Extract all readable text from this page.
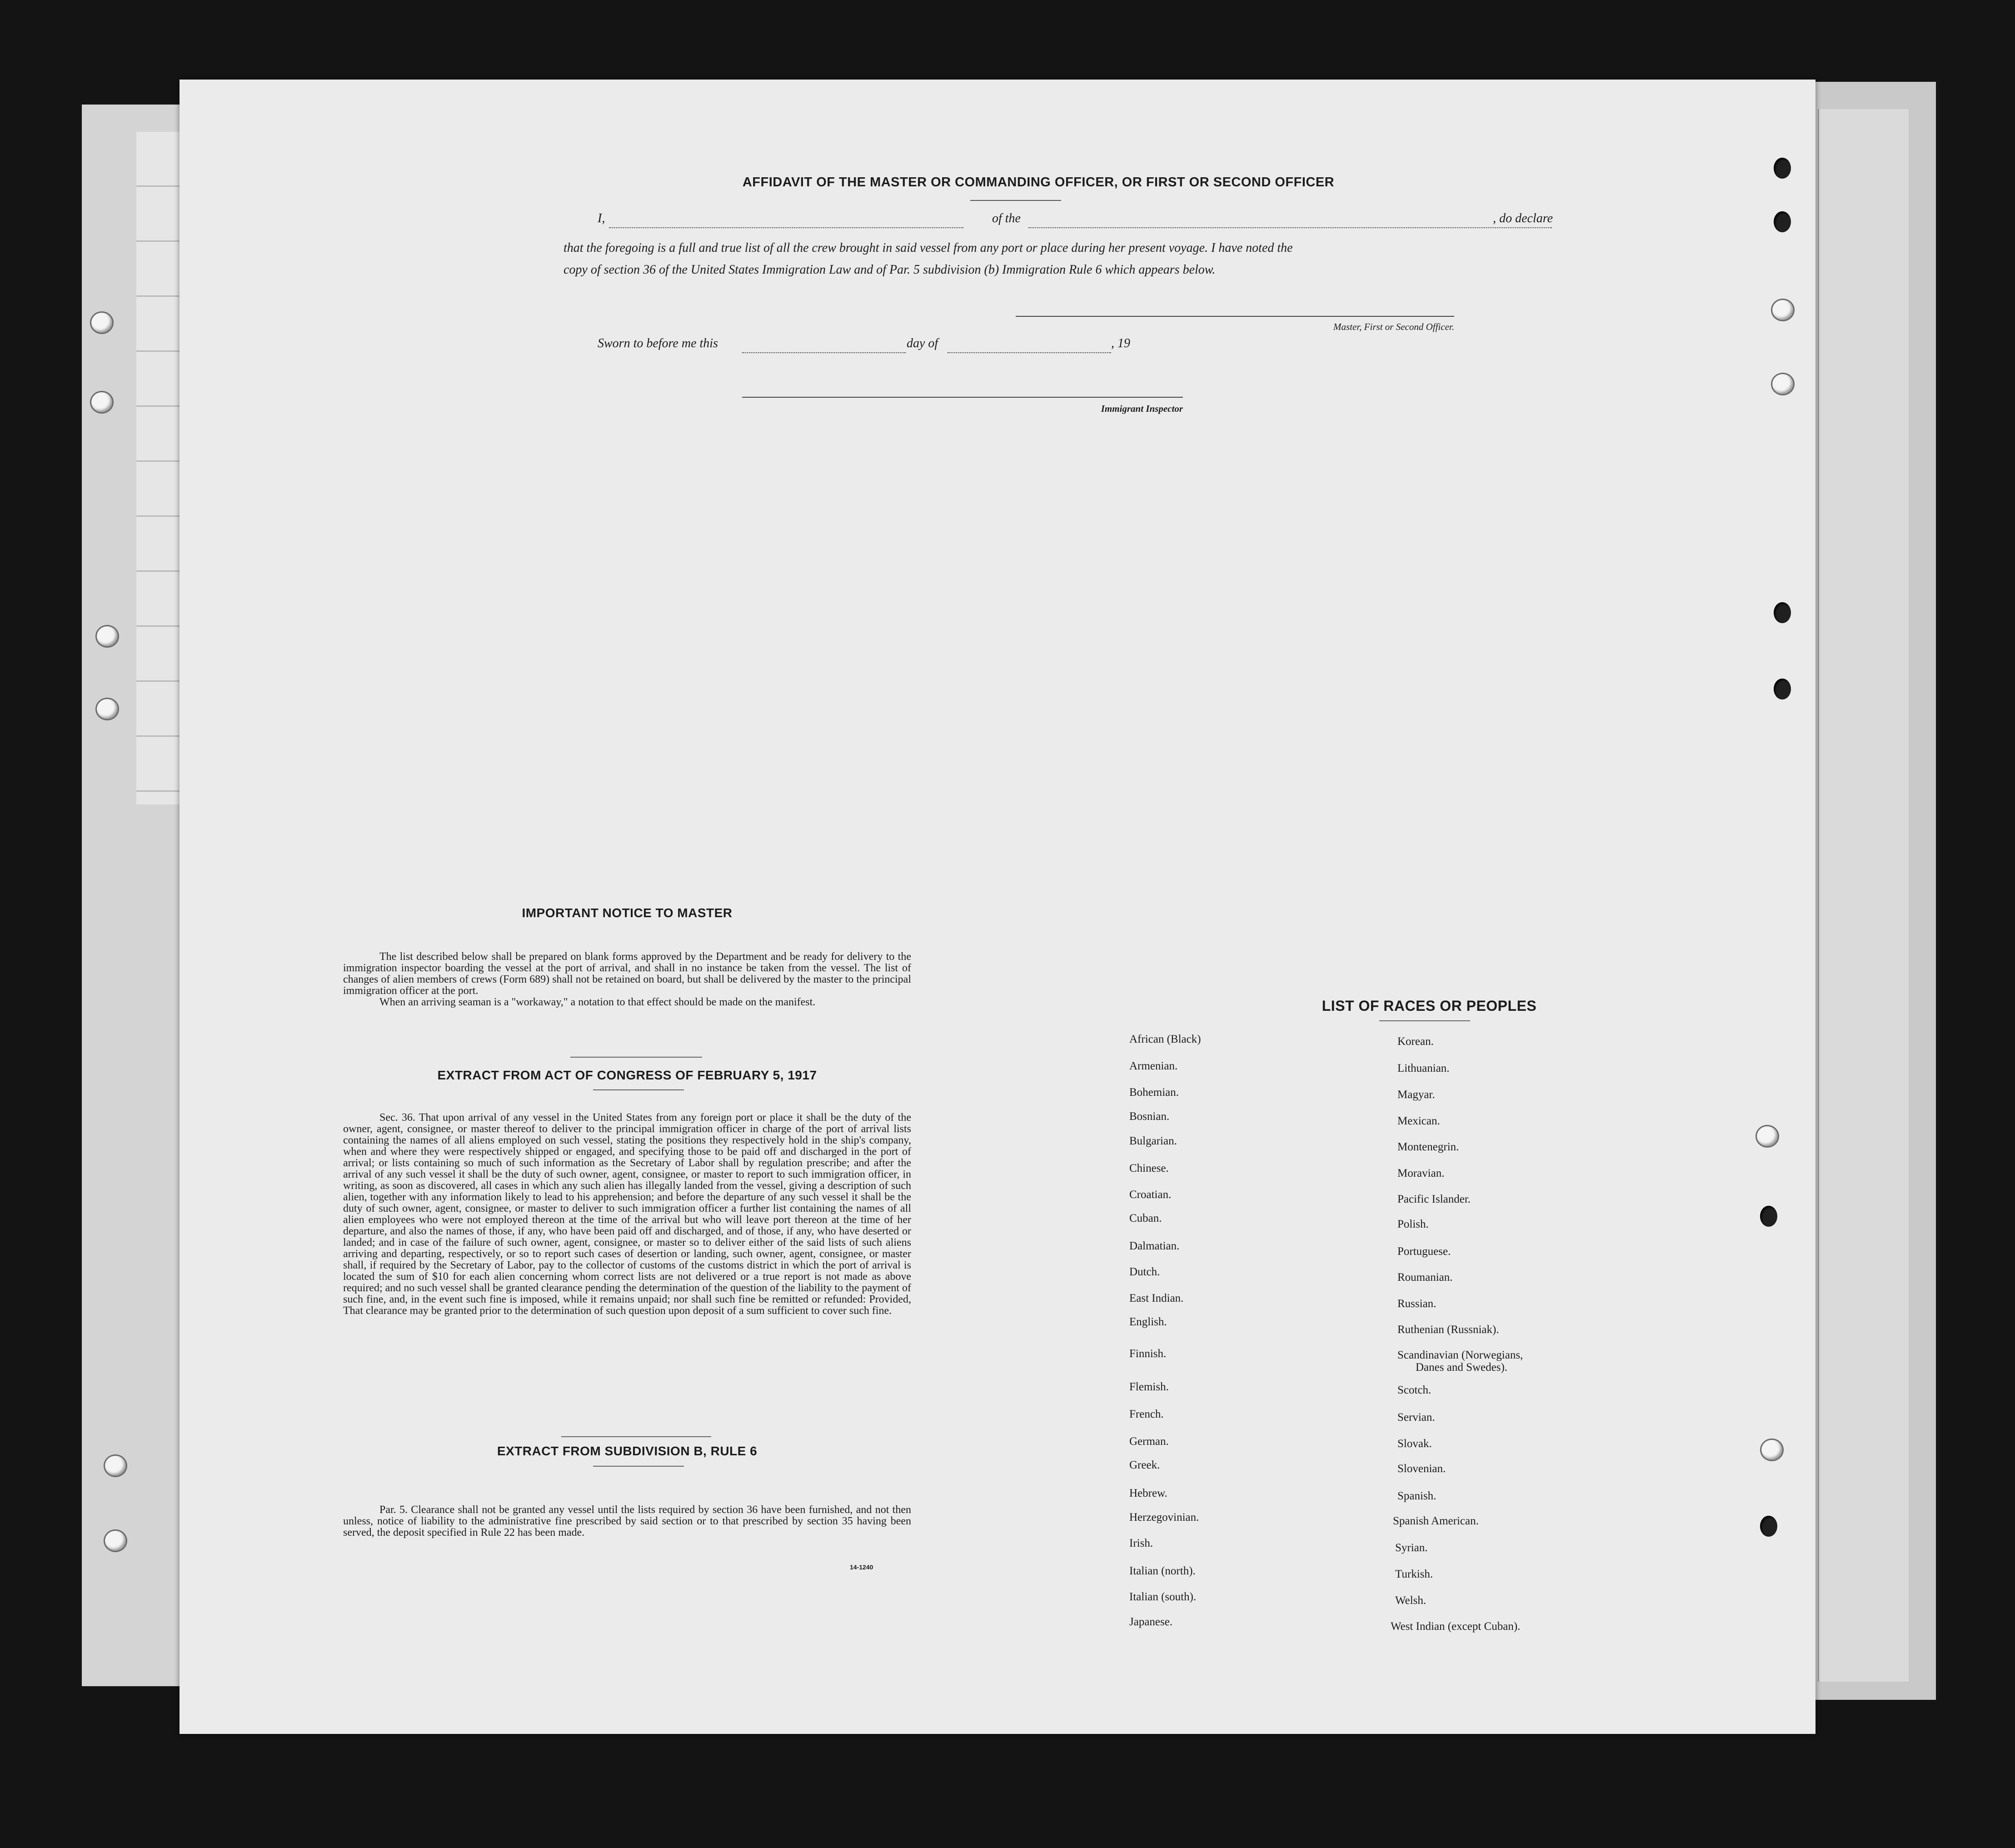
AFFIDAVIT OF THE MASTER OR COMMANDING OFFICER, OR FIRST OR SECOND OFFICER
I,	of the	, do declare
that the foregoing is a full and true list of all the crew brought in said vessel from any port or place during her present voyage. I have noted the
copy of section 36 of the United States Immigration Law and of Par. 5 subdivision (b) Immigration Rule 6 which appears below.
Master, First or Second Officer.
Sworn to before me this	day of	, 19
Immigrant Inspector
IMPORTANT NOTICE TO MASTER

The list described below shall be prepared on blank forms approved by the Department and be ready for delivery to the immigration inspector boarding the vessel at the port of arrival, and shall in no instance be taken from the vessel. The list of changes of alien members of crews (Form 689) shall not be retained on board, but shall be delivered by the master to the principal immigration officer at the port.

When an arriving seaman is a "workaway," a notation to that effect should be made on the manifest.

EXTRACT FROM ACT OF CONGRESS OF FEBRUARY 5, 1917

Sec. 36. That upon arrival of any vessel in the United States from any foreign port or place it shall be the duty of the owner, agent, consignee, or master thereof to deliver to the principal immigration officer in charge of the port of arrival lists containing the names of all aliens employed on such vessel, stating the positions they respectively hold in the ship's company, when and where they were respectively shipped or engaged, and specifying those to be paid off and discharged in the port of arrival; or lists containing so much of such information as the Secretary of Labor shall by regulation prescribe; and after the arrival of any such vessel it shall be the duty of such owner, agent, consignee, or master to report to such immigration officer, in writing, as soon as discovered, all cases in which any such alien has illegally landed from the vessel, giving a description of such alien, together with any information likely to lead to his apprehension; and before the departure of any such vessel it shall be the duty of such owner, agent, consignee, or master to deliver to such immigration officer a further list containing the names of all alien employees who were not employed thereon at the time of the arrival but who will leave port thereon at the time of her departure, and also the names of those, if any, who have been paid off and discharged, and of those, if any, who have deserted or landed; and in case of the failure of such owner, agent, consignee, or master so to deliver either of the said lists of such aliens arriving and departing, respectively, or so to report such cases of desertion or landing, such owner, agent, consignee, or master shall, if required by the Secretary of Labor, pay to the collector of customs of the customs district in which the port of arrival is located the sum of $10 for each alien concerning whom correct lists are not delivered or a true report is not made as above required; and no such vessel shall be granted clearance pending the determination of the question of the liability to the payment of such fine, and, in the event such fine is imposed, while it remains unpaid; nor shall such fine be remitted or refunded: Provided, That clearance may be granted prior to the determination of such question upon deposit of a sum sufficient to cover such fine.

EXTRACT FROM SUBDIVISION B, RULE 6

Par. 5. Clearance shall not be granted any vessel until the lists required by section 36 have been furnished, and not then unless, notice of liability to the administrative fine prescribed by said section or to that prescribed by section 35 having been served, the deposit specified in Rule 22 has been made.

14-1240
LIST OF RACES OR PEOPLES
African (Black)
Armenian.
Bohemian.
Bosnian.
Bulgarian.
Chinese.
Croatian.
Cuban.
Dalmatian.
Dutch.
East Indian.
English.
Finnish.
Flemish.
French.
German.
Greek.
Hebrew.
Herzegovinian.
Irish.
Italian (north).
Italian (south).
Japanese.
Korean.
Lithuanian.
Magyar.
Mexican.
Montenegrin.
Moravian.
Pacific Islander.
Polish.
Portuguese.
Roumanian.
Russian.
Ruthenian (Russniak).
Scandinavian (Norwegians,
Danes and Swedes).
Scotch.
Servian.
Slovak.
Slovenian.
Spanish.
Spanish American.
Syrian.
Turkish.
Welsh.
West Indian (except Cuban).
